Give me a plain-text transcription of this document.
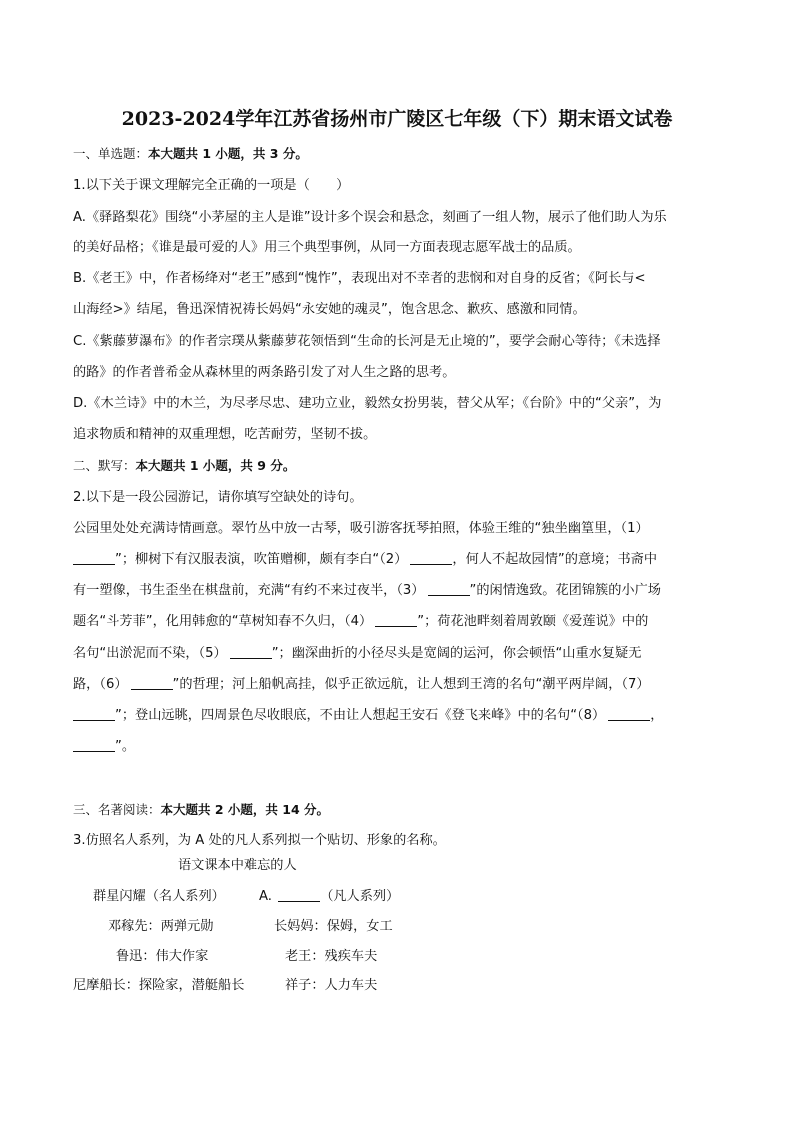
2023-2024学年江苏省扬州市广陵区七年级（下）期末语文试卷
一、单选题：本大题共 1 小题，共 3 分。
1.以下关于课文理解完全正确的一项是（　　）
A.《驿路梨花》围绕“小茅屋的主人是谁”设计多个误会和悬念，刻画了一组人物，展示了他们助人为乐
的美好品格；《谁是最可爱的人》用三个典型事例，从同一方面表现志愿军战士的品质。
B.《老王》中，作者杨绛对“老王”感到“愧怍”，表现出对不幸者的悲悯和对自身的反省；《阿长与<
山海经>》结尾，鲁迅深情祝祷长妈妈“永安她的魂灵”，饱含思念、歉疚、感激和同情。
C.《紫藤萝瀑布》的作者宗璞从紫藤萝花领悟到“生命的长河是无止境的”，要学会耐心等待；《未选择
的路》的作者普希金从森林里的两条路引发了对人生之路的思考。
D.《木兰诗》中的木兰，为尽孝尽忠、建功立业，毅然女扮男装，替父从军；《台阶》中的“父亲”，为
追求物质和精神的双重理想，吃苦耐劳，坚韧不拔。
二、默写：本大题共 1 小题，共 9 分。
2.以下是一段公园游记，请你填写空缺处的诗句。
公园里处处充满诗情画意。翠竹丛中放一古琴，吸引游客抚琴拍照，体验王维的“独坐幽篁里，（1）
”；柳树下有汉服表演，吹笛赠柳，颇有李白“（2）	，何人不起故园情”的意境；书斋中
有一塑像，书生歪坐在棋盘前，充满“有约不来过夜半，（3）	”的闲情逸致。花团锦簇的小广场
题名“斗芳菲”，化用韩愈的“草树知春不久归，（4）	”；荷花池畔刻着周敦颐《爱莲说》中的
名句“出淤泥而不染，（5）	”；幽深曲折的小径尽头是宽阔的运河，你会顿悟“山重水复疑无
路，（6）	”的哲理；河上船帆高挂，似乎正欲远航，让人想到王湾的名句“潮平两岸阔，（7）
”；登山远眺，四周景色尽收眼底，不由让人想起王安石《登飞来峰》中的名句“（8）	，
”。
三、名著阅读：本大题共 2 小题，共 14 分。
3.仿照名人系列，为 A 处的凡人系列拟一个贴切、形象的名称。
语文课本中难忘的人
群星闪耀（名人系列）	A.	（凡人系列）
邓稼先：两弹元勋	长妈妈：保姆，女工
鲁迅：伟大作家	老王：残疾车夫
尼摩船长：探险家，潜艇船长	祥子：人力车夫
